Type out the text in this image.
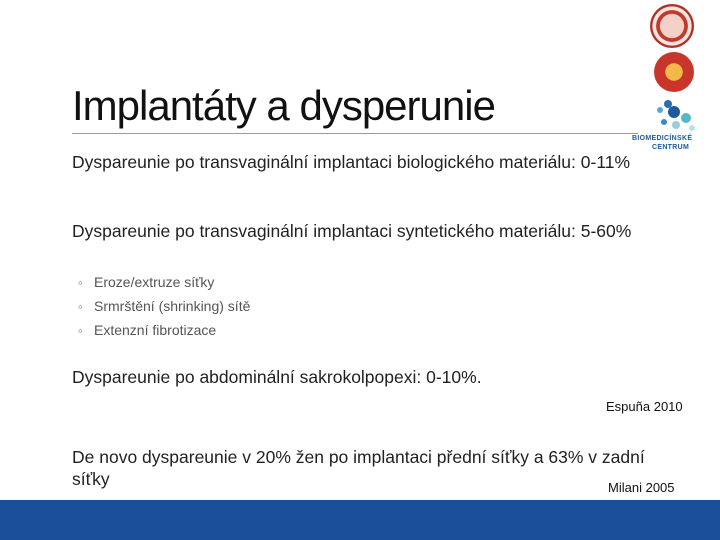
Implantáty a dysperunie
BIOMEDICÍNSKÉ
CENTRUM

Dyspareunie po transvaginální implantaci biologického materiálu: 0-11%

Dyspareunie po transvaginální implantaci syntetického materiálu: 5-60%

◦ Eroze/extruze síťky
◦ Srmrštění (shrinking) sítě
◦ Extenzní fibrotizace

Dyspareunie po abdominální sakrokolpopexi: 0-10%.

Espuña 2010

De novo dyspareunie v 20% žen po implantaci přední síťky a 63% v zadní síťky	Milani 2005
